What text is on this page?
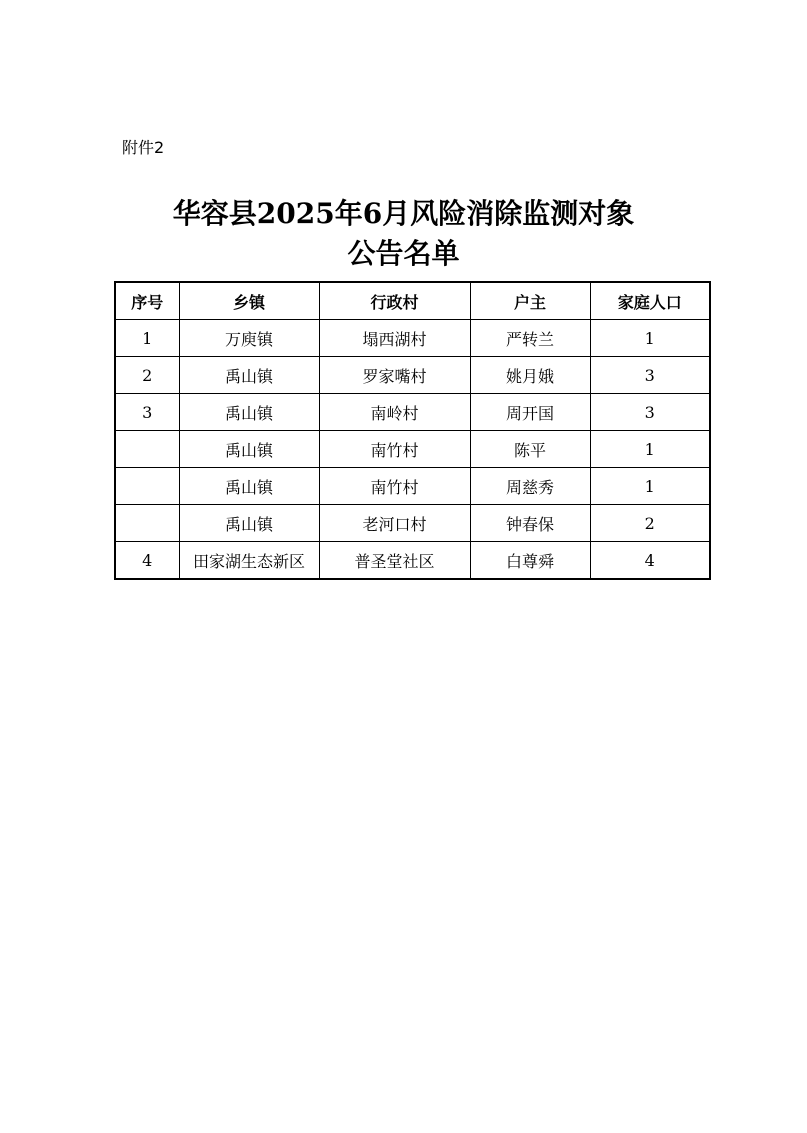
附件2
华容县2025年6月风险消除监测对象
公告名单
序号	乡镇	行政村	户主	家庭人口
1	万庾镇	塌西湖村	严转兰	1
2	禹山镇	罗家嘴村	姚月娥	3
3	禹山镇	南岭村	周开国	3
	禹山镇	南竹村	陈平	1
	禹山镇	南竹村	周慈秀	1
	禹山镇	老河口村	钟春保	2
4	田家湖生态新区	普圣堂社区	白尊舜	4
